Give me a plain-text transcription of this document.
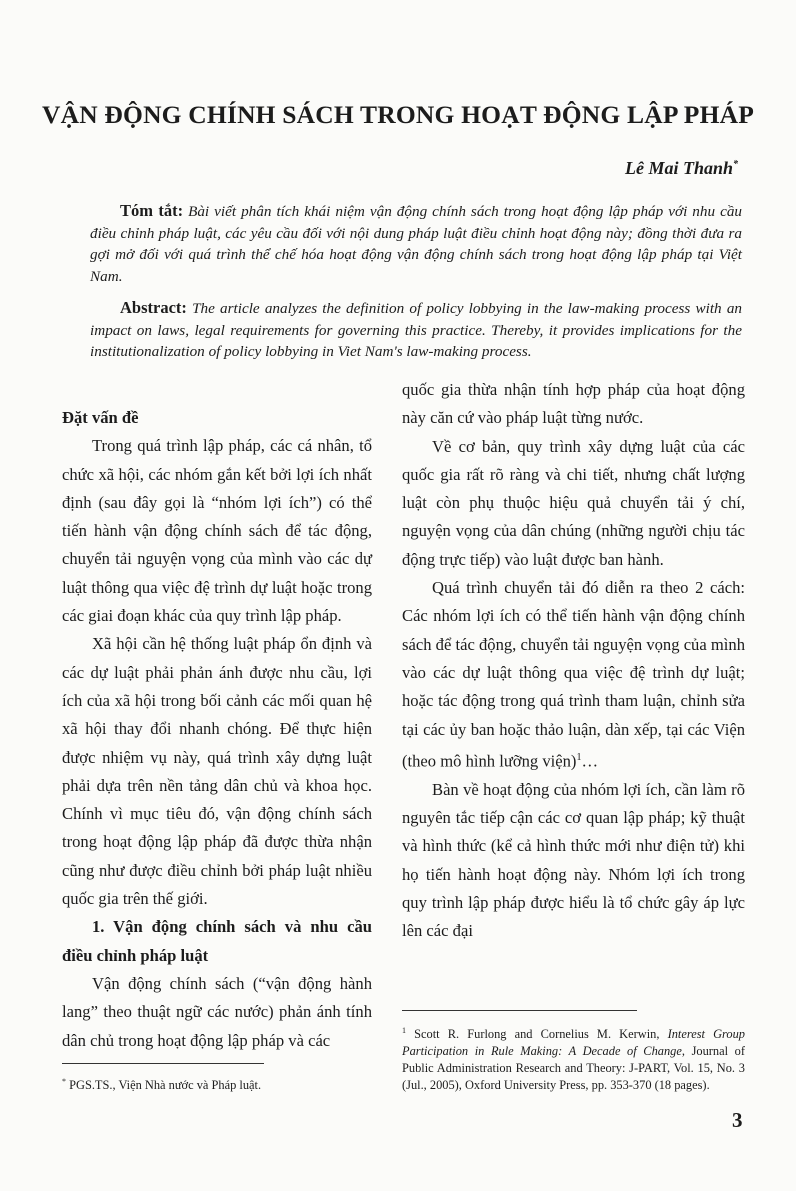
VẬN ĐỘNG CHÍNH SÁCH TRONG HOẠT ĐỘNG LẬP PHÁP
Lê Mai Thanh*
Tóm tắt: Bài viết phân tích khái niệm vận động chính sách trong hoạt động lập pháp với nhu cầu điều chỉnh pháp luật, các yêu cầu đối với nội dung pháp luật điều chỉnh hoạt động này; đồng thời đưa ra gợi mở đối với quá trình thể chế hóa hoạt động vận động chính sách trong hoạt động lập pháp tại Việt Nam.
Abstract: The article analyzes the definition of policy lobbying in the law-making process with an impact on laws, legal requirements for governing this practice. Thereby, it provides implications for the institutionalization of policy lobbying in Viet Nam's law-making process.
Đặt vấn đề

Trong quá trình lập pháp, các cá nhân, tổ chức xã hội, các nhóm gắn kết bởi lợi ích nhất định (sau đây gọi là “nhóm lợi ích”) có thể tiến hành vận động chính sách để tác động, chuyển tải nguyện vọng của mình vào các dự luật thông qua việc đệ trình dự luật hoặc trong các giai đoạn khác của quy trình lập pháp.

Xã hội cần hệ thống luật pháp ổn định và các dự luật phải phản ánh được nhu cầu, lợi ích của xã hội trong bối cảnh các mối quan hệ xã hội thay đổi nhanh chóng. Để thực hiện được nhiệm vụ này, quá trình xây dựng luật phải dựa trên nền tảng dân chủ và khoa học. Chính vì mục tiêu đó, vận động chính sách trong hoạt động lập pháp đã được thừa nhận cũng như được điều chỉnh bởi pháp luật nhiều quốc gia trên thế giới.

1. Vận động chính sách và nhu cầu điều chỉnh pháp luật

Vận động chính sách (“vận động hành lang” theo thuật ngữ các nước) phản ánh tính dân chủ trong hoạt động lập pháp và các

quốc gia thừa nhận tính hợp pháp của hoạt động này căn cứ vào pháp luật từng nước.

Về cơ bản, quy trình xây dựng luật của các quốc gia rất rõ ràng và chi tiết, nhưng chất lượng luật còn phụ thuộc hiệu quả chuyển tải ý chí, nguyện vọng của dân chúng (những người chịu tác động trực tiếp) vào luật được ban hành.

Quá trình chuyển tải đó diễn ra theo 2 cách: Các nhóm lợi ích có thể tiến hành vận động chính sách để tác động, chuyển tải nguyện vọng của mình vào các dự luật thông qua việc đệ trình dự luật; hoặc tác động trong quá trình tham luận, chỉnh sửa tại các ủy ban hoặc thảo luận, dàn xếp, tại các Viện (theo mô hình lưỡng viện)$^1$…

Bàn về hoạt động của nhóm lợi ích, cần làm rõ nguyên tắc tiếp cận các cơ quan lập pháp; kỹ thuật và hình thức (kể cả hình thức mới như điện tử) khi họ tiến hành hoạt động này. Nhóm lợi ích trong quy trình lập pháp được hiểu là tổ chức gây áp lực lên các đại

* PGS.TS., Viện Nhà nước và Pháp luật.
$^1$ Scott R. Furlong and Cornelius M. Kerwin, Interest Group Participation in Rule Making: A Decade of Change, Journal of Public Administration Research and Theory: J-PART, Vol. 15, No. 3 (Jul., 2005), Oxford University Press, pp. 353-370 (18 pages).
3
